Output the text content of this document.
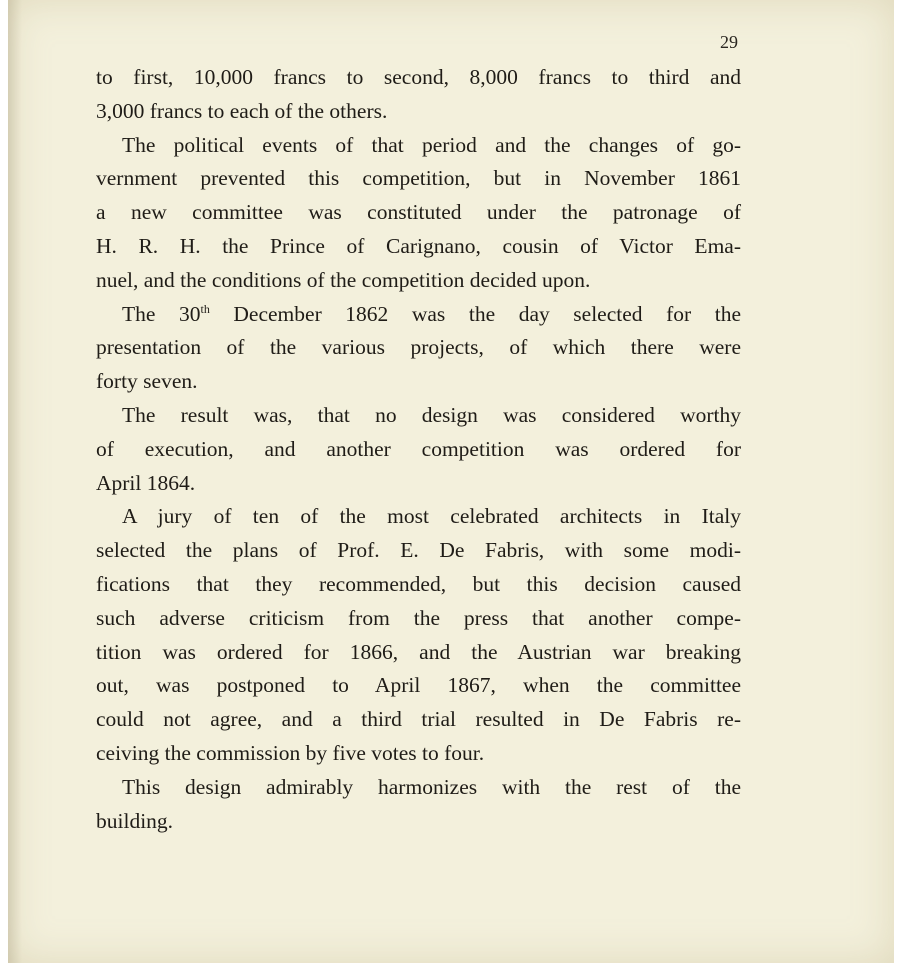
29
to first, 10,000 francs to second, 8,000 francs to third and
3,000 francs to each of the others.
The political events of that period and the changes of go-
vernment prevented this competition, but in November 1861
a new committee was constituted under the patronage of
H. R. H. the Prince of Carignano, cousin of Victor Ema-
nuel, and the conditions of the competition decided upon.
The 30th December 1862 was the day selected for the
presentation of the various projects, of which there were
forty seven.
The result was, that no design was considered worthy
of execution, and another competition was ordered for
April 1864.
A jury of ten of the most celebrated architects in Italy
selected the plans of Prof. E. De Fabris, with some modi-
fications that they recommended, but this decision caused
such adverse criticism from the press that another compe-
tition was ordered for 1866, and the Austrian war breaking
out, was postponed to April 1867, when the committee
could not agree, and a third trial resulted in De Fabris re-
ceiving the commission by five votes to four.
This design admirably harmonizes with the rest of the
building.
